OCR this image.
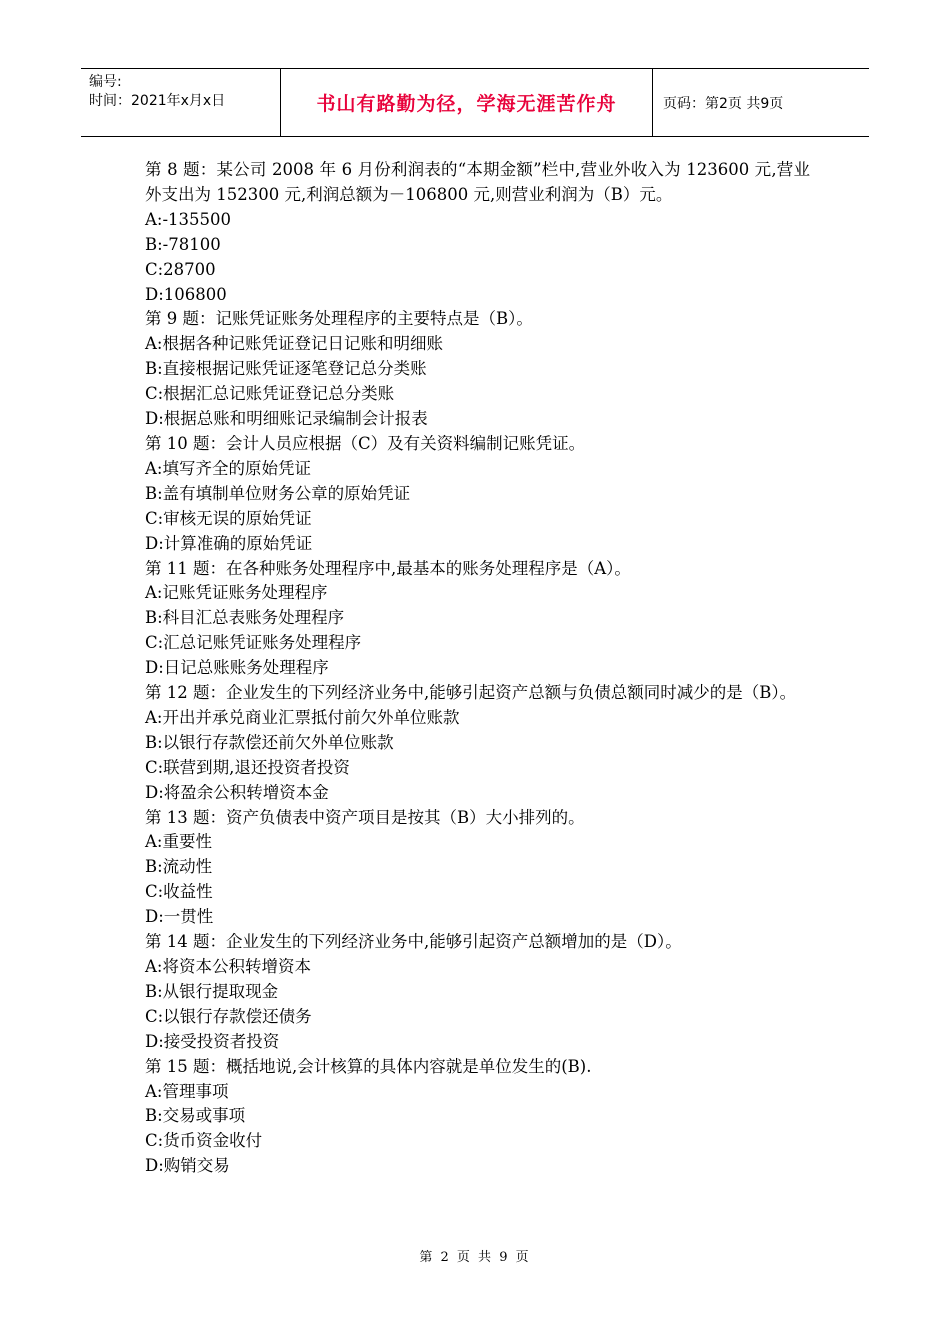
编号:
时间：2021年x月x日	书山有路勤为径，学海无涯苦作舟	页码：第2页 共9页

第 8 题：某公司 2008 年 6 月份利润表的“本期金额”栏中,营业外收入为 123600 元,营业外支出为 152300 元,利润总额为－106800 元,则营业利润为（B）元。

A:-135500

B:-78100

C:28700

D:106800

第 9 题：记账凭证账务处理程序的主要特点是（B）。

A:根据各种记账凭证登记日记账和明细账

B:直接根据记账凭证逐笔登记总分类账

C:根据汇总记账凭证登记总分类账

D:根据总账和明细账记录编制会计报表

第 10 题：会计人员应根据（C）及有关资料编制记账凭证。

A:填写齐全的原始凭证

B:盖有填制单位财务公章的原始凭证

C:审核无误的原始凭证

D:计算准确的原始凭证

第 11 题：在各种账务处理程序中,最基本的账务处理程序是（A）。

A:记账凭证账务处理程序

B:科目汇总表账务处理程序

C:汇总记账凭证账务处理程序

D:日记总账账务处理程序

第 12 题：企业发生的下列经济业务中,能够引起资产总额与负债总额同时减少的是（B）。

A:开出并承兑商业汇票抵付前欠外单位账款

B:以银行存款偿还前欠外单位账款

C:联营到期,退还投资者投资

D:将盈余公积转增资本金

第 13 题：资产负债表中资产项目是按其（B）大小排列的。

A:重要性

B:流动性

C:收益性

D:一贯性

第 14 题：企业发生的下列经济业务中,能够引起资产总额增加的是（D）。

A:将资本公积转增资本

B:从银行提取现金

C:以银行存款偿还债务

D:接受投资者投资

第 15 题：概括地说,会计核算的具体内容就是单位发生的(B).

A:管理事项

B:交易或事项

C:货币资金收付

D:购销交易

第 2 页 共 9 页
